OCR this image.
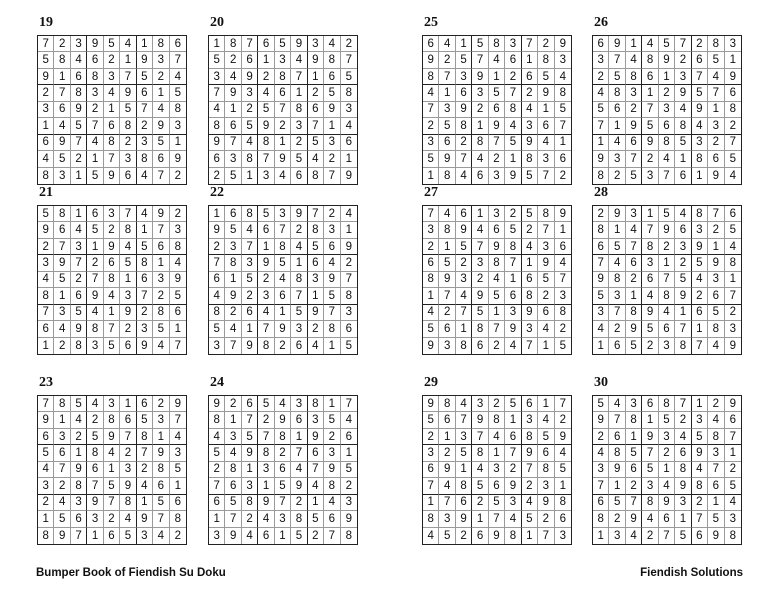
19
7 2 3 9 5 4 1 8 6
5 8 4 6 2 1 9 3 7
9 1 6 8 3 7 5 2 4
2 7 8 3 4 9 6 1 5
3 6 9 2 1 5 7 4 8
1 4 5 7 6 8 2 9 3
6 9 7 4 8 2 3 5 1
4 5 2 1 7 3 8 6 9
8 3 1 5 9 6 4 7 2
20
1 8 7 6 5 9 3 4 2
5 2 6 1 3 4 9 8 7
3 4 9 2 8 7 1 6 5
7 9 3 4 6 1 2 5 8
4 1 2 5 7 8 6 9 3
8 6 5 9 2 3 7 1 4
9 7 4 8 1 2 5 3 6
6 3 8 7 9 5 4 2 1
2 5 1 3 4 6 8 7 9
25
6 4 1 5 8 3 7 2 9
9 2 5 7 4 6 1 8 3
8 7 3 9 1 2 6 5 4
4 1 6 3 5 7 2 9 8
7 3 9 2 6 8 4 1 5
2 5 8 1 9 4 3 6 7
3 6 2 8 7 5 9 4 1
5 9 7 4 2 1 8 3 6
1 8 4 6 3 9 5 7 2
26
6 9 1 4 5 7 2 8 3
3 7 4 8 9 2 6 5 1
2 5 8 6 1 3 7 4 9
4 8 3 1 2 9 5 7 6
5 6 2 7 3 4 9 1 8
7 1 9 5 6 8 4 3 2
1 4 6 9 8 5 3 2 7
9 3 7 2 4 1 8 6 5
8 2 5 3 7 6 1 9 4
21
5 8 1 6 3 7 4 9 2
9 6 4 5 2 8 1 7 3
2 7 3 1 9 4 5 6 8
3 9 7 2 6 5 8 1 4
4 5 2 7 8 1 6 3 9
8 1 6 9 4 3 7 2 5
7 3 5 4 1 9 2 8 6
6 4 9 8 7 2 3 5 1
1 2 8 3 5 6 9 4 7
22
1 6 8 5 3 9 7 2 4
9 5 4 6 7 2 8 3 1
2 3 7 1 8 4 5 6 9
7 8 3 9 5 1 6 4 2
6 1 5 2 4 8 3 9 7
4 9 2 3 6 7 1 5 8
8 2 6 4 1 5 9 7 3
5 4 1 7 9 3 2 8 6
3 7 9 8 2 6 4 1 5
27
7 4 6 1 3 2 5 8 9
3 8 9 4 6 5 2 7 1
2 1 5 7 9 8 4 3 6
6 5 2 3 8 7 1 9 4
8 9 3 2 4 1 6 5 7
1 7 4 9 5 6 8 2 3
4 2 7 5 1 3 9 6 8
5 6 1 8 7 9 3 4 2
9 3 8 6 2 4 7 1 5
28
2 9 3 1 5 4 8 7 6
8 1 4 7 9 6 3 2 5
6 5 7 8 2 3 9 1 4
7 4 6 3 1 2 5 9 8
9 8 2 6 7 5 4 3 1
5 3 1 4 8 9 2 6 7
3 7 8 9 4 1 6 5 2
4 2 9 5 6 7 1 8 3
1 6 5 2 3 8 7 4 9
23
7 8 5 4 3 1 6 2 9
9 1 4 2 8 6 5 3 7
6 3 2 5 9 7 8 1 4
5 6 1 8 4 2 7 9 3
4 7 9 6 1 3 2 8 5
3 2 8 7 5 9 4 6 1
2 4 3 9 7 8 1 5 6
1 5 6 3 2 4 9 7 8
8 9 7 1 6 5 3 4 2
24
9 2 6 5 4 3 8 1 7
8 1 7 2 9 6 3 5 4
4 3 5 7 8 1 9 2 6
5 4 9 8 2 7 6 3 1
2 8 1 3 6 4 7 9 5
7 6 3 1 5 9 4 8 2
6 5 8 9 7 2 1 4 3
1 7 2 4 3 8 5 6 9
3 9 4 6 1 5 2 7 8
29
9 8 4 3 2 5 6 1 7
5 6 7 9 8 1 3 4 2
2 1 3 7 4 6 8 5 9
3 2 5 8 1 7 9 6 4
6 9 1 4 3 2 7 8 5
7 4 8 5 6 9 2 3 1
1 7 6 2 5 3 4 9 8
8 3 9 1 7 4 5 2 6
4 5 2 6 9 8 1 7 3
30
5 4 3 6 8 7 1 2 9
9 7 8 1 5 2 3 4 6
2 6 1 9 3 4 5 8 7
4 8 5 7 2 6 9 3 1
3 9 6 5 1 8 4 7 2
7 1 2 3 4 9 8 6 5
6 5 7 8 9 3 2 1 4
8 2 9 4 6 1 7 5 3
1 3 4 2 7 5 6 9 8
Bumper Book of Fiendish Su Doku	Fiendish Solutions
